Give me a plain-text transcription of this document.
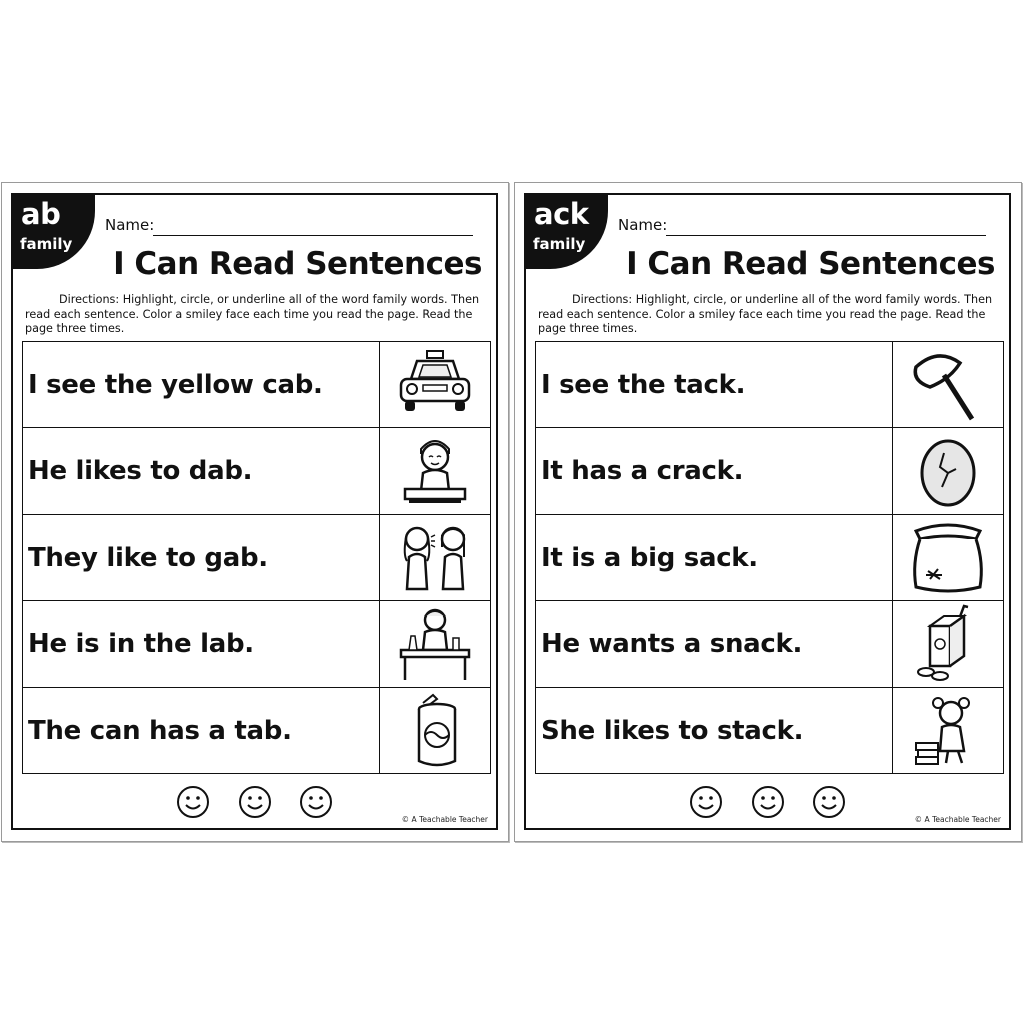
ab
family
Name:
I Can Read Sentences

Directions: Highlight, circle, or underline all of the word family words. Then read each sentence. Color a smiley face each time you read the page. Read the page three times.

I see the yellow cab.
He likes to dab.
They like to gab.
He is in the lab.
The can has a tab.

© A Teachable Teacher
ack
family
Name:
I Can Read Sentences

Directions: Highlight, circle, or underline all of the word family words. Then read each sentence. Color a smiley face each time you read the page. Read the page three times.

I see the tack.
It has a crack.
It is a big sack.
He wants a snack.
She likes to stack.

© A Teachable Teacher
